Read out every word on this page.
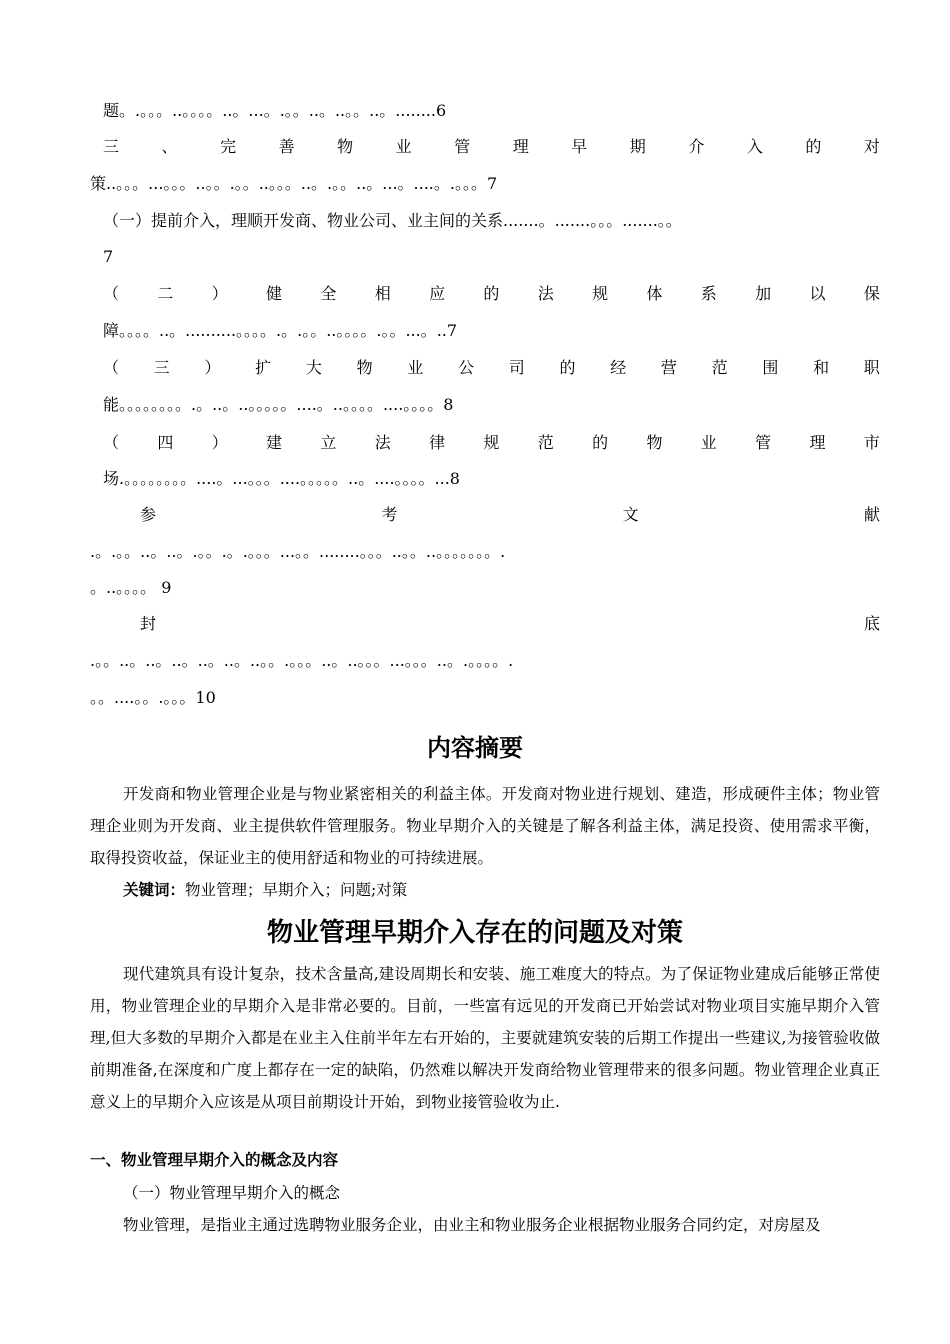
题。.。。。..。。。。..。...。.。。..。..。。..。........6
三	、	完	善	物	业	管	理	早	期	介	入	的	对
策..。。。...。。。..。。.。。..。。。..。.。。..。...。....。.。。。7
（一）提前介入，理顺开发商、物业公司、业主间的关系.......。.......。。。.......。。
7
（ 二 ） 健 全 相 应 的 法 规 体 系 加 以 保
障。。。。..。..........。。。。.。.。。..。。。。.。。...。..7
（ 三 ） 扩 大 物 业 公 司 的 经 营 范 围 和 职
能。。。。。。。。.。..。..。。。。。....。..。。。。....。。。。8
（ 四 ） 建 立 法 律 规 范 的 物 业 管 理 市
场.。。。。。。。。....。...。。。....。。。。。..。....。。。。...8
参	考	文	献
.。.。。..。..。.。。.。.。。。...。。........。。。..。。..。。。。。。。.
。..。。。。 9
封	底
.。。..。..。..。..。..。..。。.。。。..。..。。。...。。。..。.。。。。.
。。....。。.。。。10
内容摘要
开发商和物业管理企业是与物业紧密相关的利益主体。开发商对物业进行规划、建造，形成硬件主体；物业管理企业则为开发商、业主提供软件管理服务。物业早期介入的关键是了解各利益主体，满足投资、使用需求平衡，取得投资收益，保证业主的使用舒适和物业的可持续进展。
关键词：物业管理；早期介入；问题;对策
物业管理早期介入存在的问题及对策
现代建筑具有设计复杂，技术含量高,建设周期长和安装、施工难度大的特点。为了保证物业建成后能够正常使用，物业管理企业的早期介入是非常必要的。目前，一些富有远见的开发商已开始尝试对物业项目实施早期介入管理,但大多数的早期介入都是在业主入住前半年左右开始的，主要就建筑安装的后期工作提出一些建议,为接管验收做前期准备,在深度和广度上都存在一定的缺陷，仍然难以解决开发商给物业管理带来的很多问题。物业管理企业真正意义上的早期介入应该是从项目前期设计开始，到物业接管验收为止.
一、物业管理早期介入的概念及内容
（一）物业管理早期介入的概念
物业管理，是指业主通过选聘物业服务企业，由业主和物业服务企业根据物业服务合同约定，对房屋及
